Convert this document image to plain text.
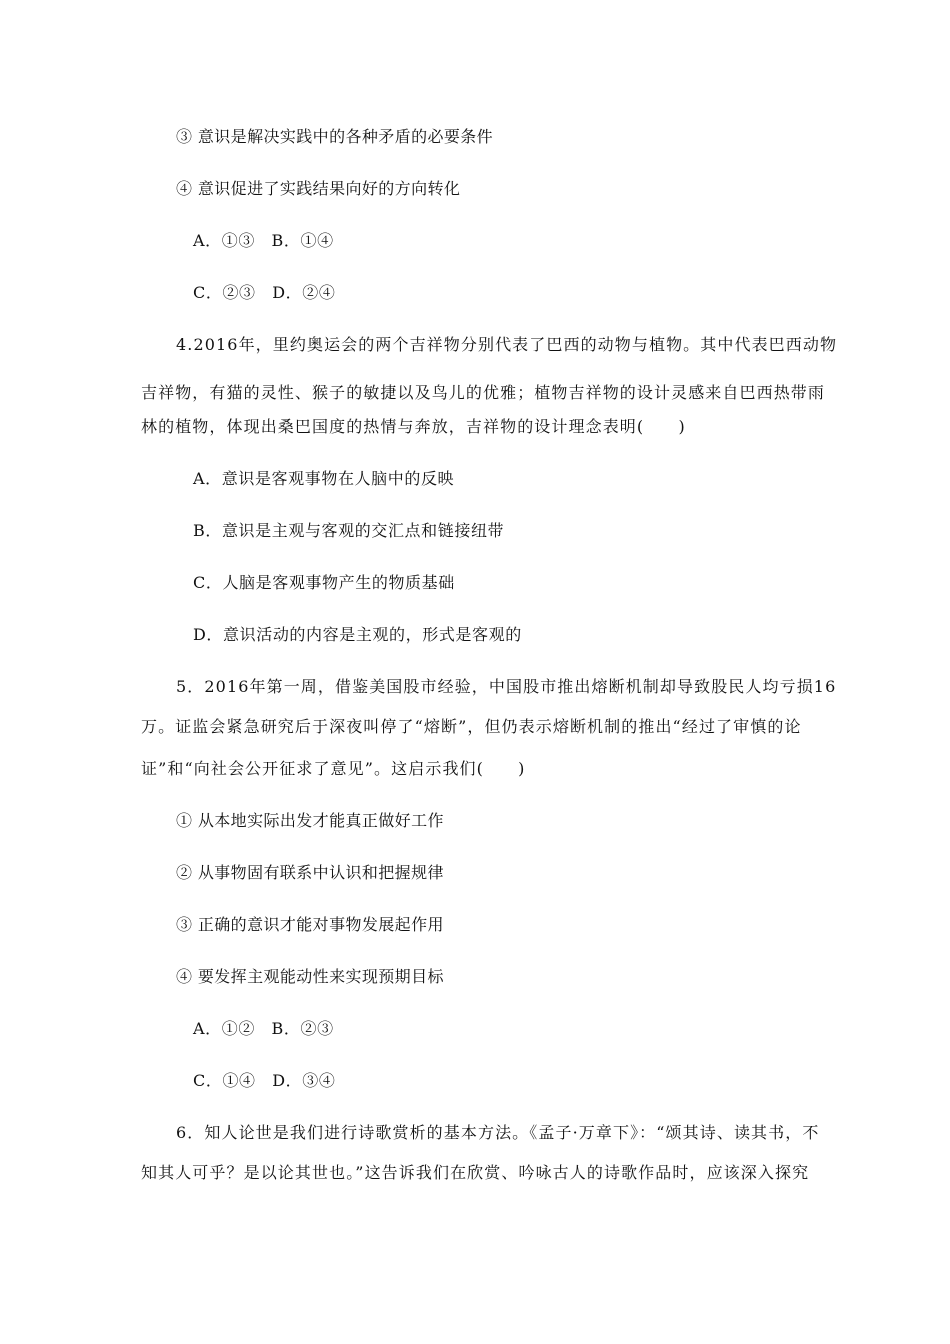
③ 意识是解决实践中的各种矛盾的必要条件

④ 意识促进了实践结果向好的方向转化

A．①③　B．①④

C．②③　D．②④

4.2016年，里约奥运会的两个吉祥物分别代表了巴西的动物与植物。其中代表巴西动物

吉祥物，有猫的灵性、猴子的敏捷以及鸟儿的优雅；植物吉祥物的设计灵感来自巴西热带雨

林的植物，体现出桑巴国度的热情与奔放，吉祥物的设计理念表明(　　)

A．意识是客观事物在人脑中的反映

B．意识是主观与客观的交汇点和链接纽带

C．人脑是客观事物产生的物质基础

D．意识活动的内容是主观的，形式是客观的

5．2016年第一周，借鉴美国股市经验，中国股市推出熔断机制却导致股民人均亏损16

万。证监会紧急研究后于深夜叫停了“熔断”，但仍表示熔断机制的推出“经过了审慎的论

证”和“向社会公开征求了意见”。这启示我们(　　)

① 从本地实际出发才能真正做好工作

② 从事物固有联系中认识和把握规律

③ 正确的意识才能对事物发展起作用

④ 要发挥主观能动性来实现预期目标

A．①②　B．②③

C．①④　D．③④

6．知人论世是我们进行诗歌赏析的基本方法。《孟子·万章下》：“颂其诗、读其书，不

知其人可乎？是以论其世也。”这告诉我们在欣赏、吟咏古人的诗歌作品时，应该深入探究
